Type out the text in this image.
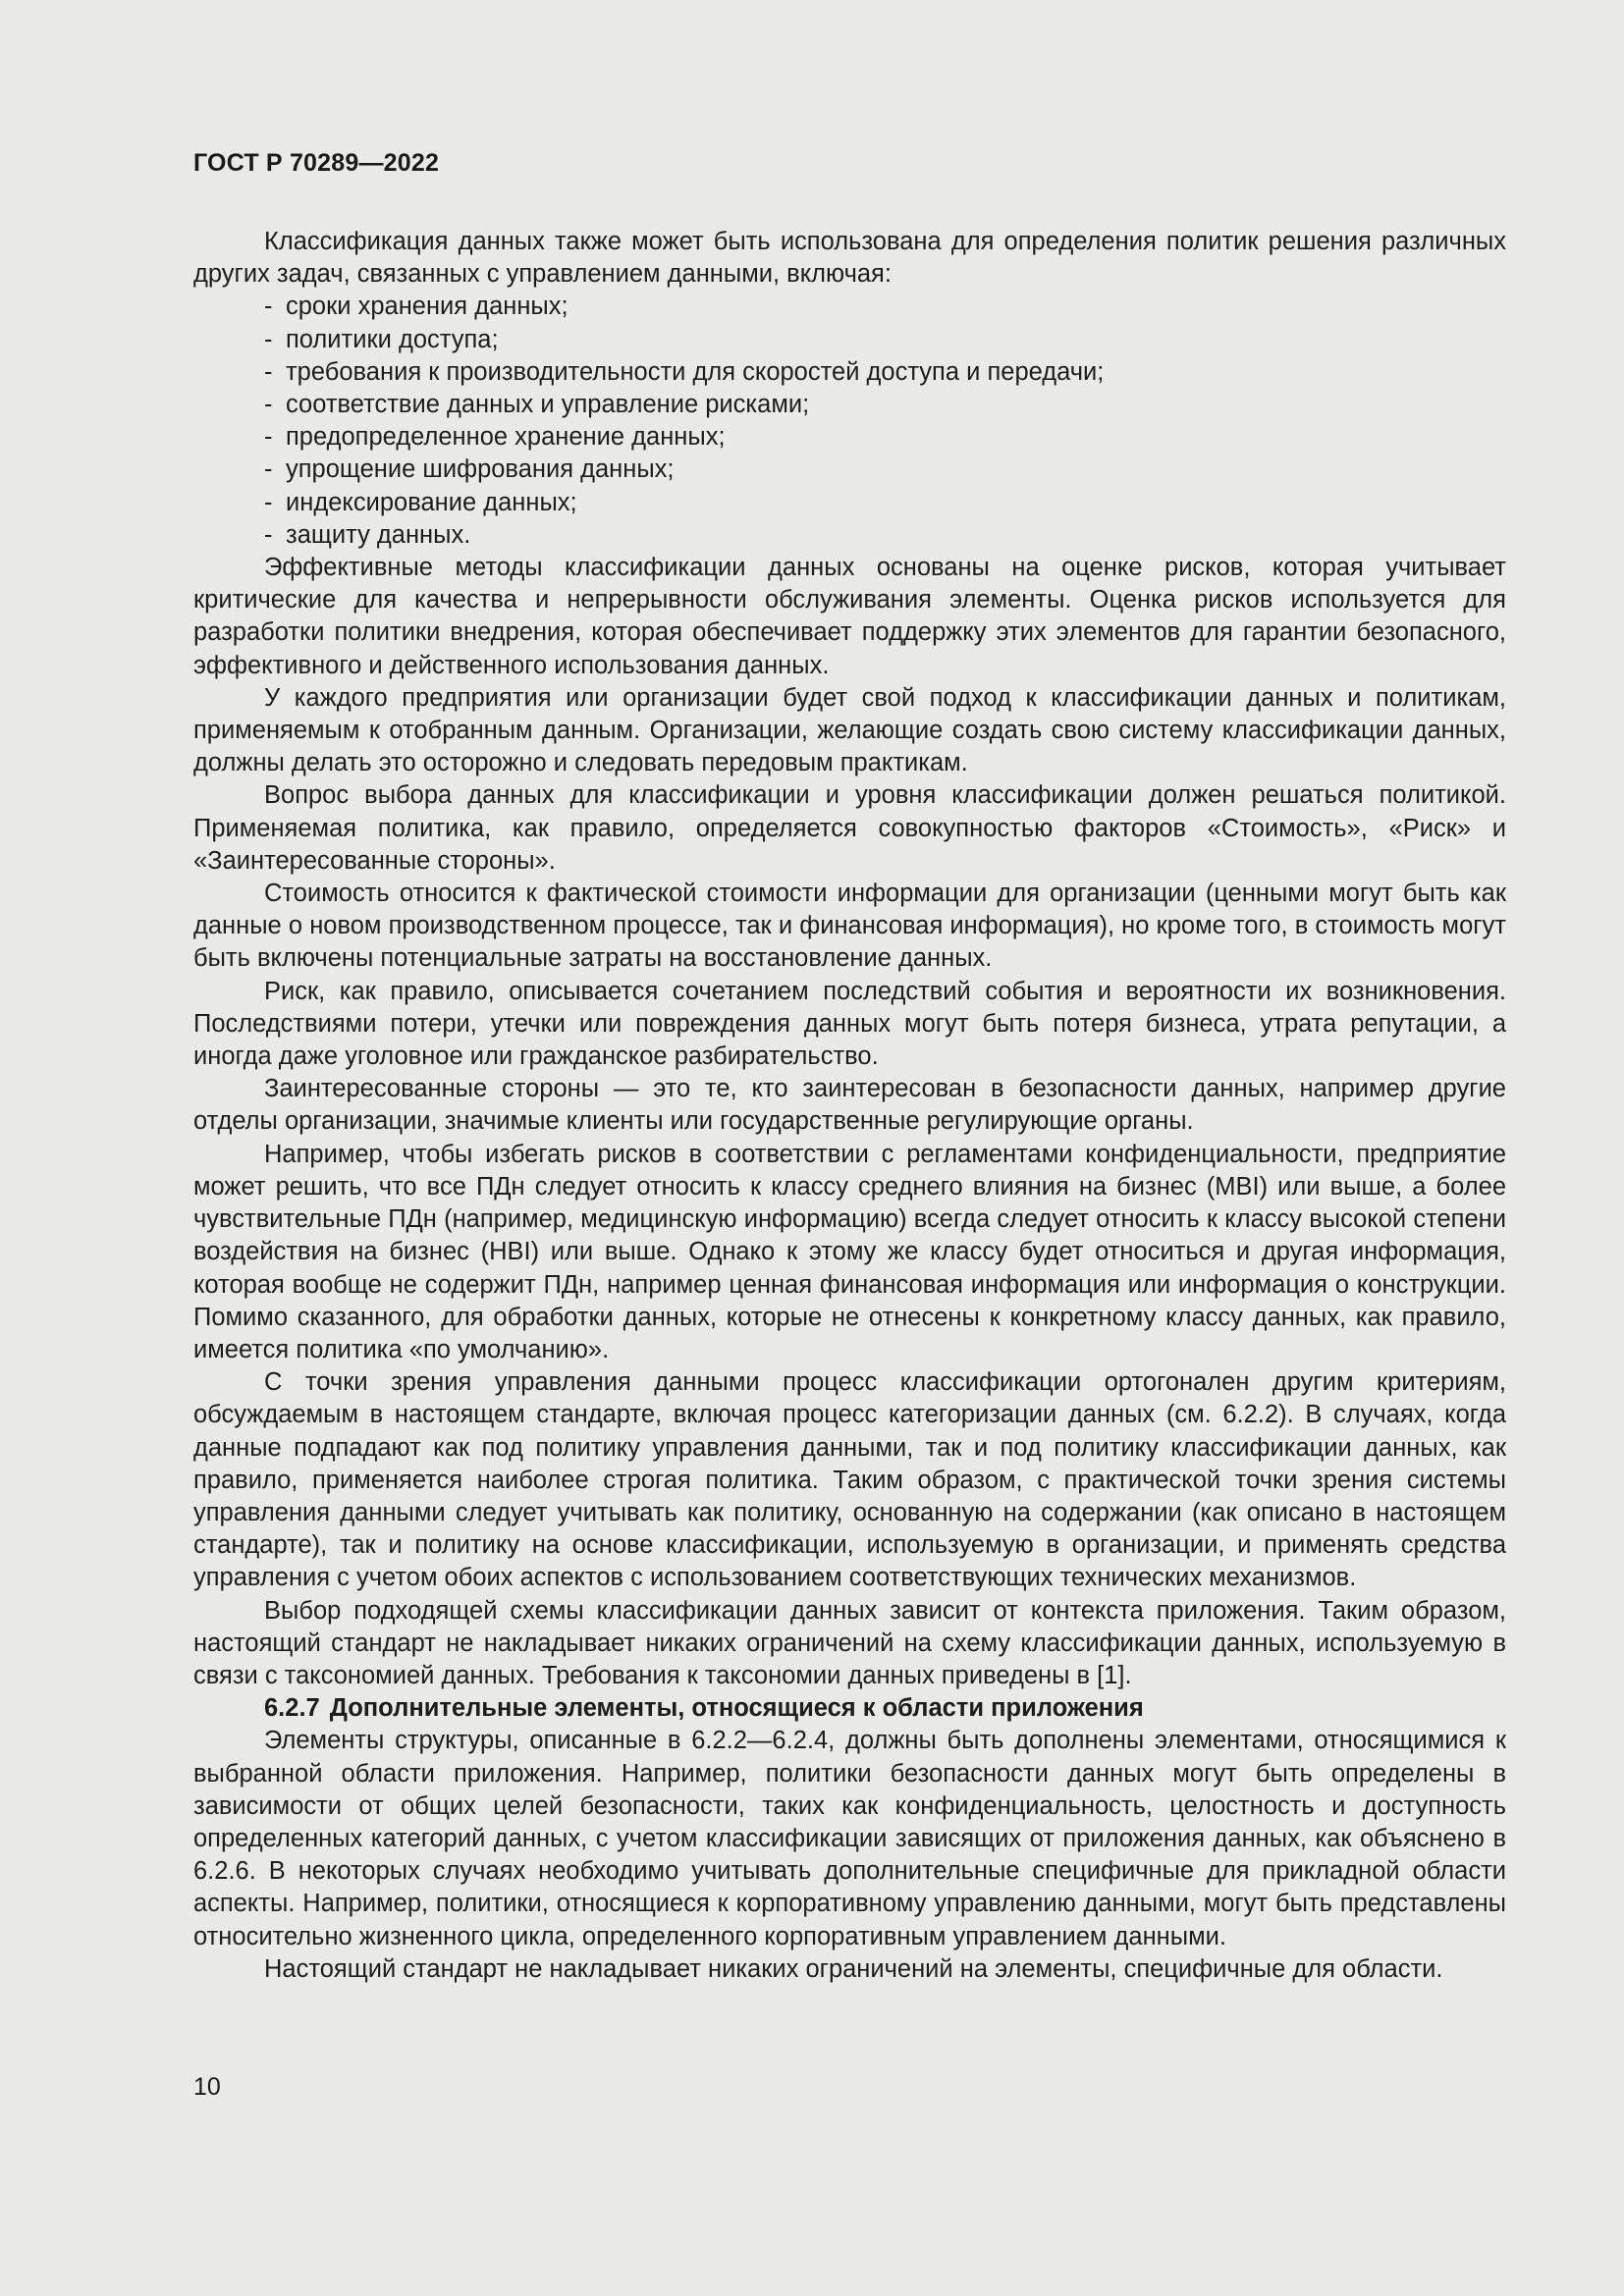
ГОСТ Р 70289—2022

Классификация данных также может быть использована для определения политик решения различных других задач, связанных с управлением данными, включая:

- сроки хранения данных;
- политики доступа;
- требования к производительности для скоростей доступа и передачи;
- соответствие данных и управление рисками;
- предопределенное хранение данных;
- упрощение шифрования данных;
- индексирование данных;
- защиту данных.

Эффективные методы классификации данных основаны на оценке рисков, которая учитывает критические для качества и непрерывности обслуживания элементы. Оценка рисков используется для разработки политики внедрения, которая обеспечивает поддержку этих элементов для гарантии безопасного, эффективного и действенного использования данных.

У каждого предприятия или организации будет свой подход к классификации данных и политикам, применяемым к отобранным данным. Организации, желающие создать свою систему классификации данных, должны делать это осторожно и следовать передовым практикам.

Вопрос выбора данных для классификации и уровня классификации должен решаться политикой. Применяемая политика, как правило, определяется совокупностью факторов «Стоимость», «Риск» и «Заинтересованные стороны».

Стоимость относится к фактической стоимости информации для организации (ценными могут быть как данные о новом производственном процессе, так и финансовая информация), но кроме того, в стоимость могут быть включены потенциальные затраты на восстановление данных.

Риск, как правило, описывается сочетанием последствий события и вероятности их возникновения. Последствиями потери, утечки или повреждения данных могут быть потеря бизнеса, утрата репутации, а иногда даже уголовное или гражданское разбирательство.

Заинтересованные стороны — это те, кто заинтересован в безопасности данных, например другие отделы организации, значимые клиенты или государственные регулирующие органы.

Например, чтобы избегать рисков в соответствии с регламентами конфиденциальности, предприятие может решить, что все ПДн следует относить к классу среднего влияния на бизнес (MBI) или выше, а более чувствительные ПДн (например, медицинскую информацию) всегда следует относить к классу высокой степени воздействия на бизнес (HBI) или выше. Однако к этому же классу будет относиться и другая информация, которая вообще не содержит ПДн, например ценная финансовая информация или информация о конструкции. Помимо сказанного, для обработки данных, которые не отнесены к конкретному классу данных, как правило, имеется политика «по умолчанию».

С точки зрения управления данными процесс классификации ортогонален другим критериям, обсуждаемым в настоящем стандарте, включая процесс категоризации данных (см. 6.2.2). В случаях, когда данные подпадают как под политику управления данными, так и под политику классификации данных, как правило, применяется наиболее строгая политика. Таким образом, с практической точки зрения системы управления данными следует учитывать как политику, основанную на содержании (как описано в настоящем стандарте), так и политику на основе классификации, используемую в организации, и применять средства управления с учетом обоих аспектов с использованием соответствующих технических механизмов.

Выбор подходящей схемы классификации данных зависит от контекста приложения. Таким образом, настоящий стандарт не накладывает никаких ограничений на схему классификации данных, используемую в связи с таксономией данных. Требования к таксономии данных приведены в [1].

6.2.7 Дополнительные элементы, относящиеся к области приложения

Элементы структуры, описанные в 6.2.2—6.2.4, должны быть дополнены элементами, относящимися к выбранной области приложения. Например, политики безопасности данных могут быть определены в зависимости от общих целей безопасности, таких как конфиденциальность, целостность и доступность определенных категорий данных, с учетом классификации зависящих от приложения данных, как объяснено в 6.2.6. В некоторых случаях необходимо учитывать дополнительные специфичные для прикладной области аспекты. Например, политики, относящиеся к корпоративному управлению данными, могут быть представлены относительно жизненного цикла, определенного корпоративным управлением данными.

Настоящий стандарт не накладывает никаких ограничений на элементы, специфичные для области.

10
